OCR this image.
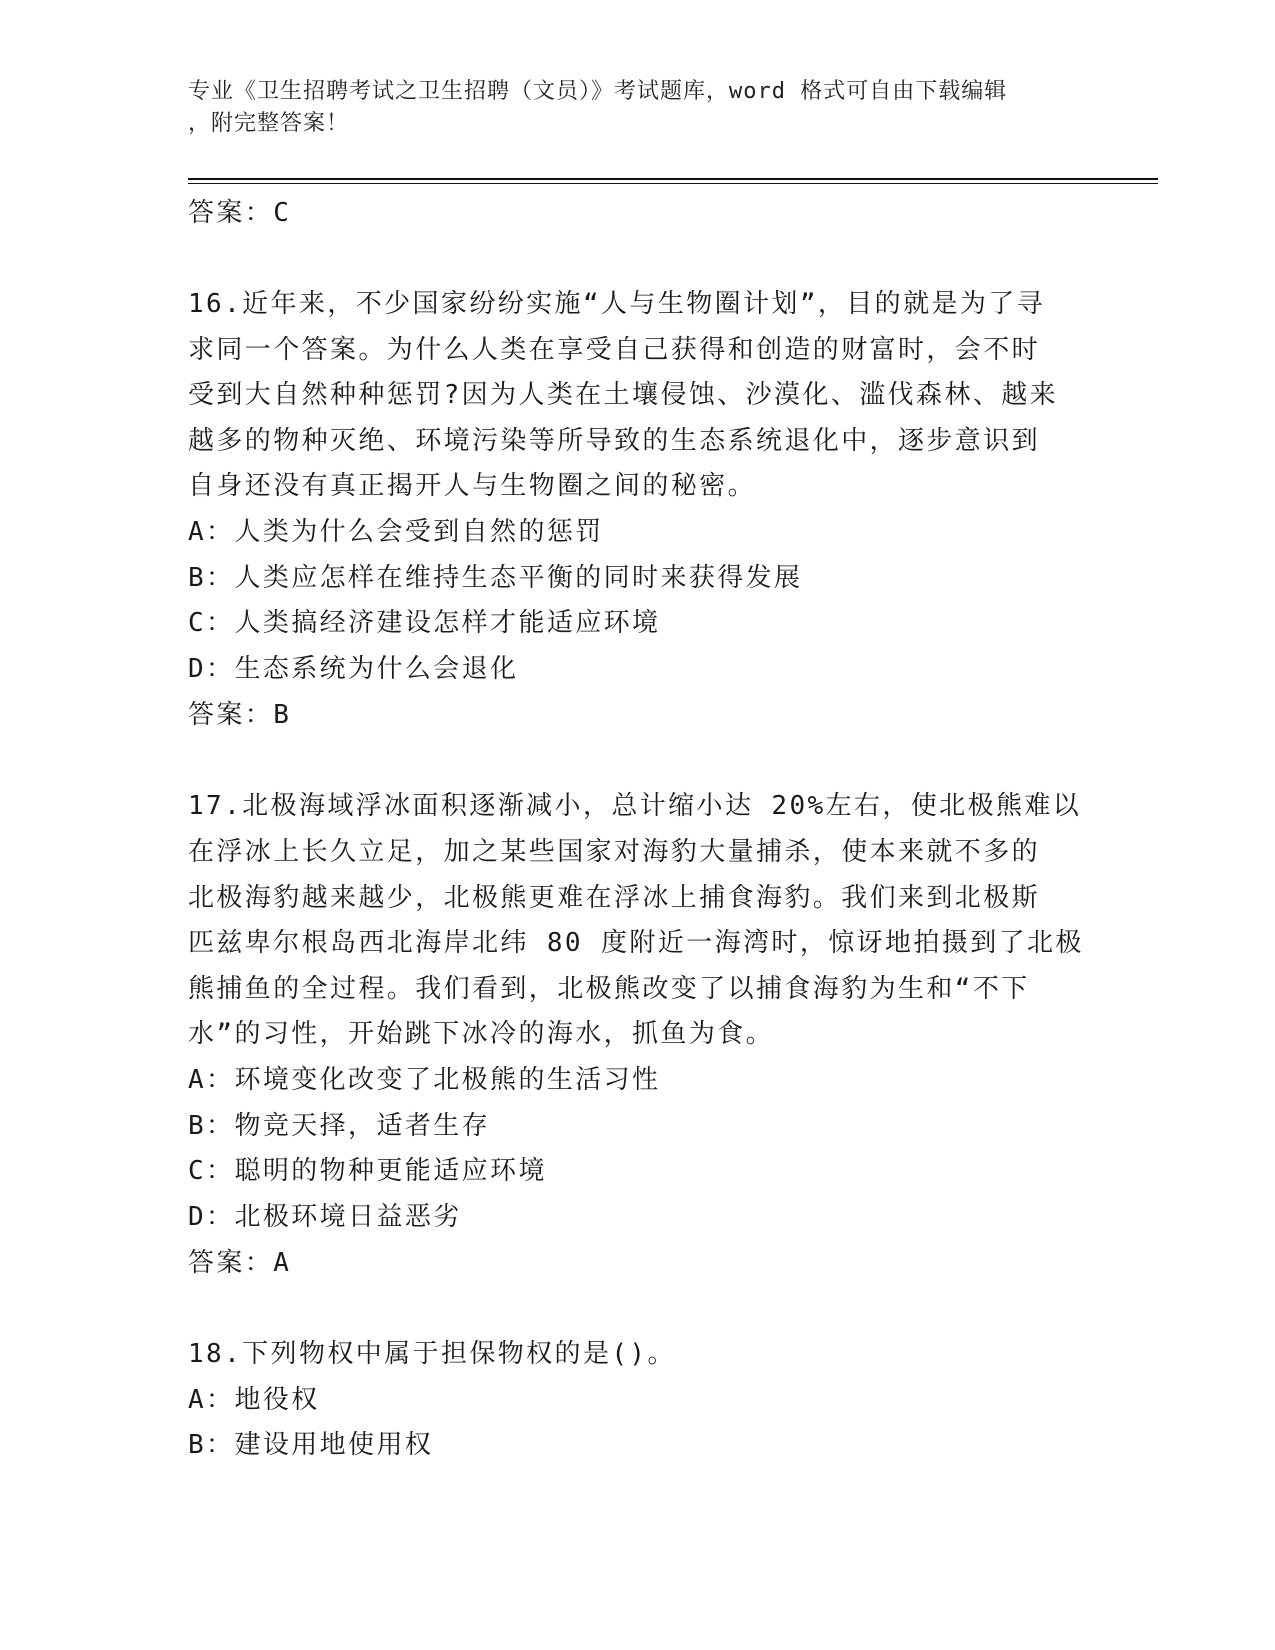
专业《卫生招聘考试之卫生招聘（文员）》考试题库，word 格式可自由下载编辑
，附完整答案！
答案：C
16.近年来，不少国家纷纷实施“人与生物圈计划”，目的就是为了寻
求同一个答案。为什么人类在享受自己获得和创造的财富时，会不时
受到大自然种种惩罚?因为人类在土壤侵蚀、沙漠化、滥伐森林、越来
越多的物种灭绝、环境污染等所导致的生态系统退化中，逐步意识到
自身还没有真正揭开人与生物圈之间的秘密。
A：人类为什么会受到自然的惩罚
B：人类应怎样在维持生态平衡的同时来获得发展
C：人类搞经济建设怎样才能适应环境
D：生态系统为什么会退化
答案：B
17.北极海域浮冰面积逐渐减小，总计缩小达 20%左右，使北极熊难以
在浮冰上长久立足，加之某些国家对海豹大量捕杀，使本来就不多的
北极海豹越来越少，北极熊更难在浮冰上捕食海豹。我们来到北极斯
匹兹卑尔根岛西北海岸北纬 80 度附近一海湾时，惊讶地拍摄到了北极
熊捕鱼的全过程。我们看到，北极熊改变了以捕食海豹为生和“不下
水”的习性，开始跳下冰冷的海水，抓鱼为食。
A：环境变化改变了北极熊的生活习性
B：物竞天择，适者生存
C：聪明的物种更能适应环境
D：北极环境日益恶劣
答案：A
18.下列物权中属于担保物权的是()。
A：地役权
B：建设用地使用权
